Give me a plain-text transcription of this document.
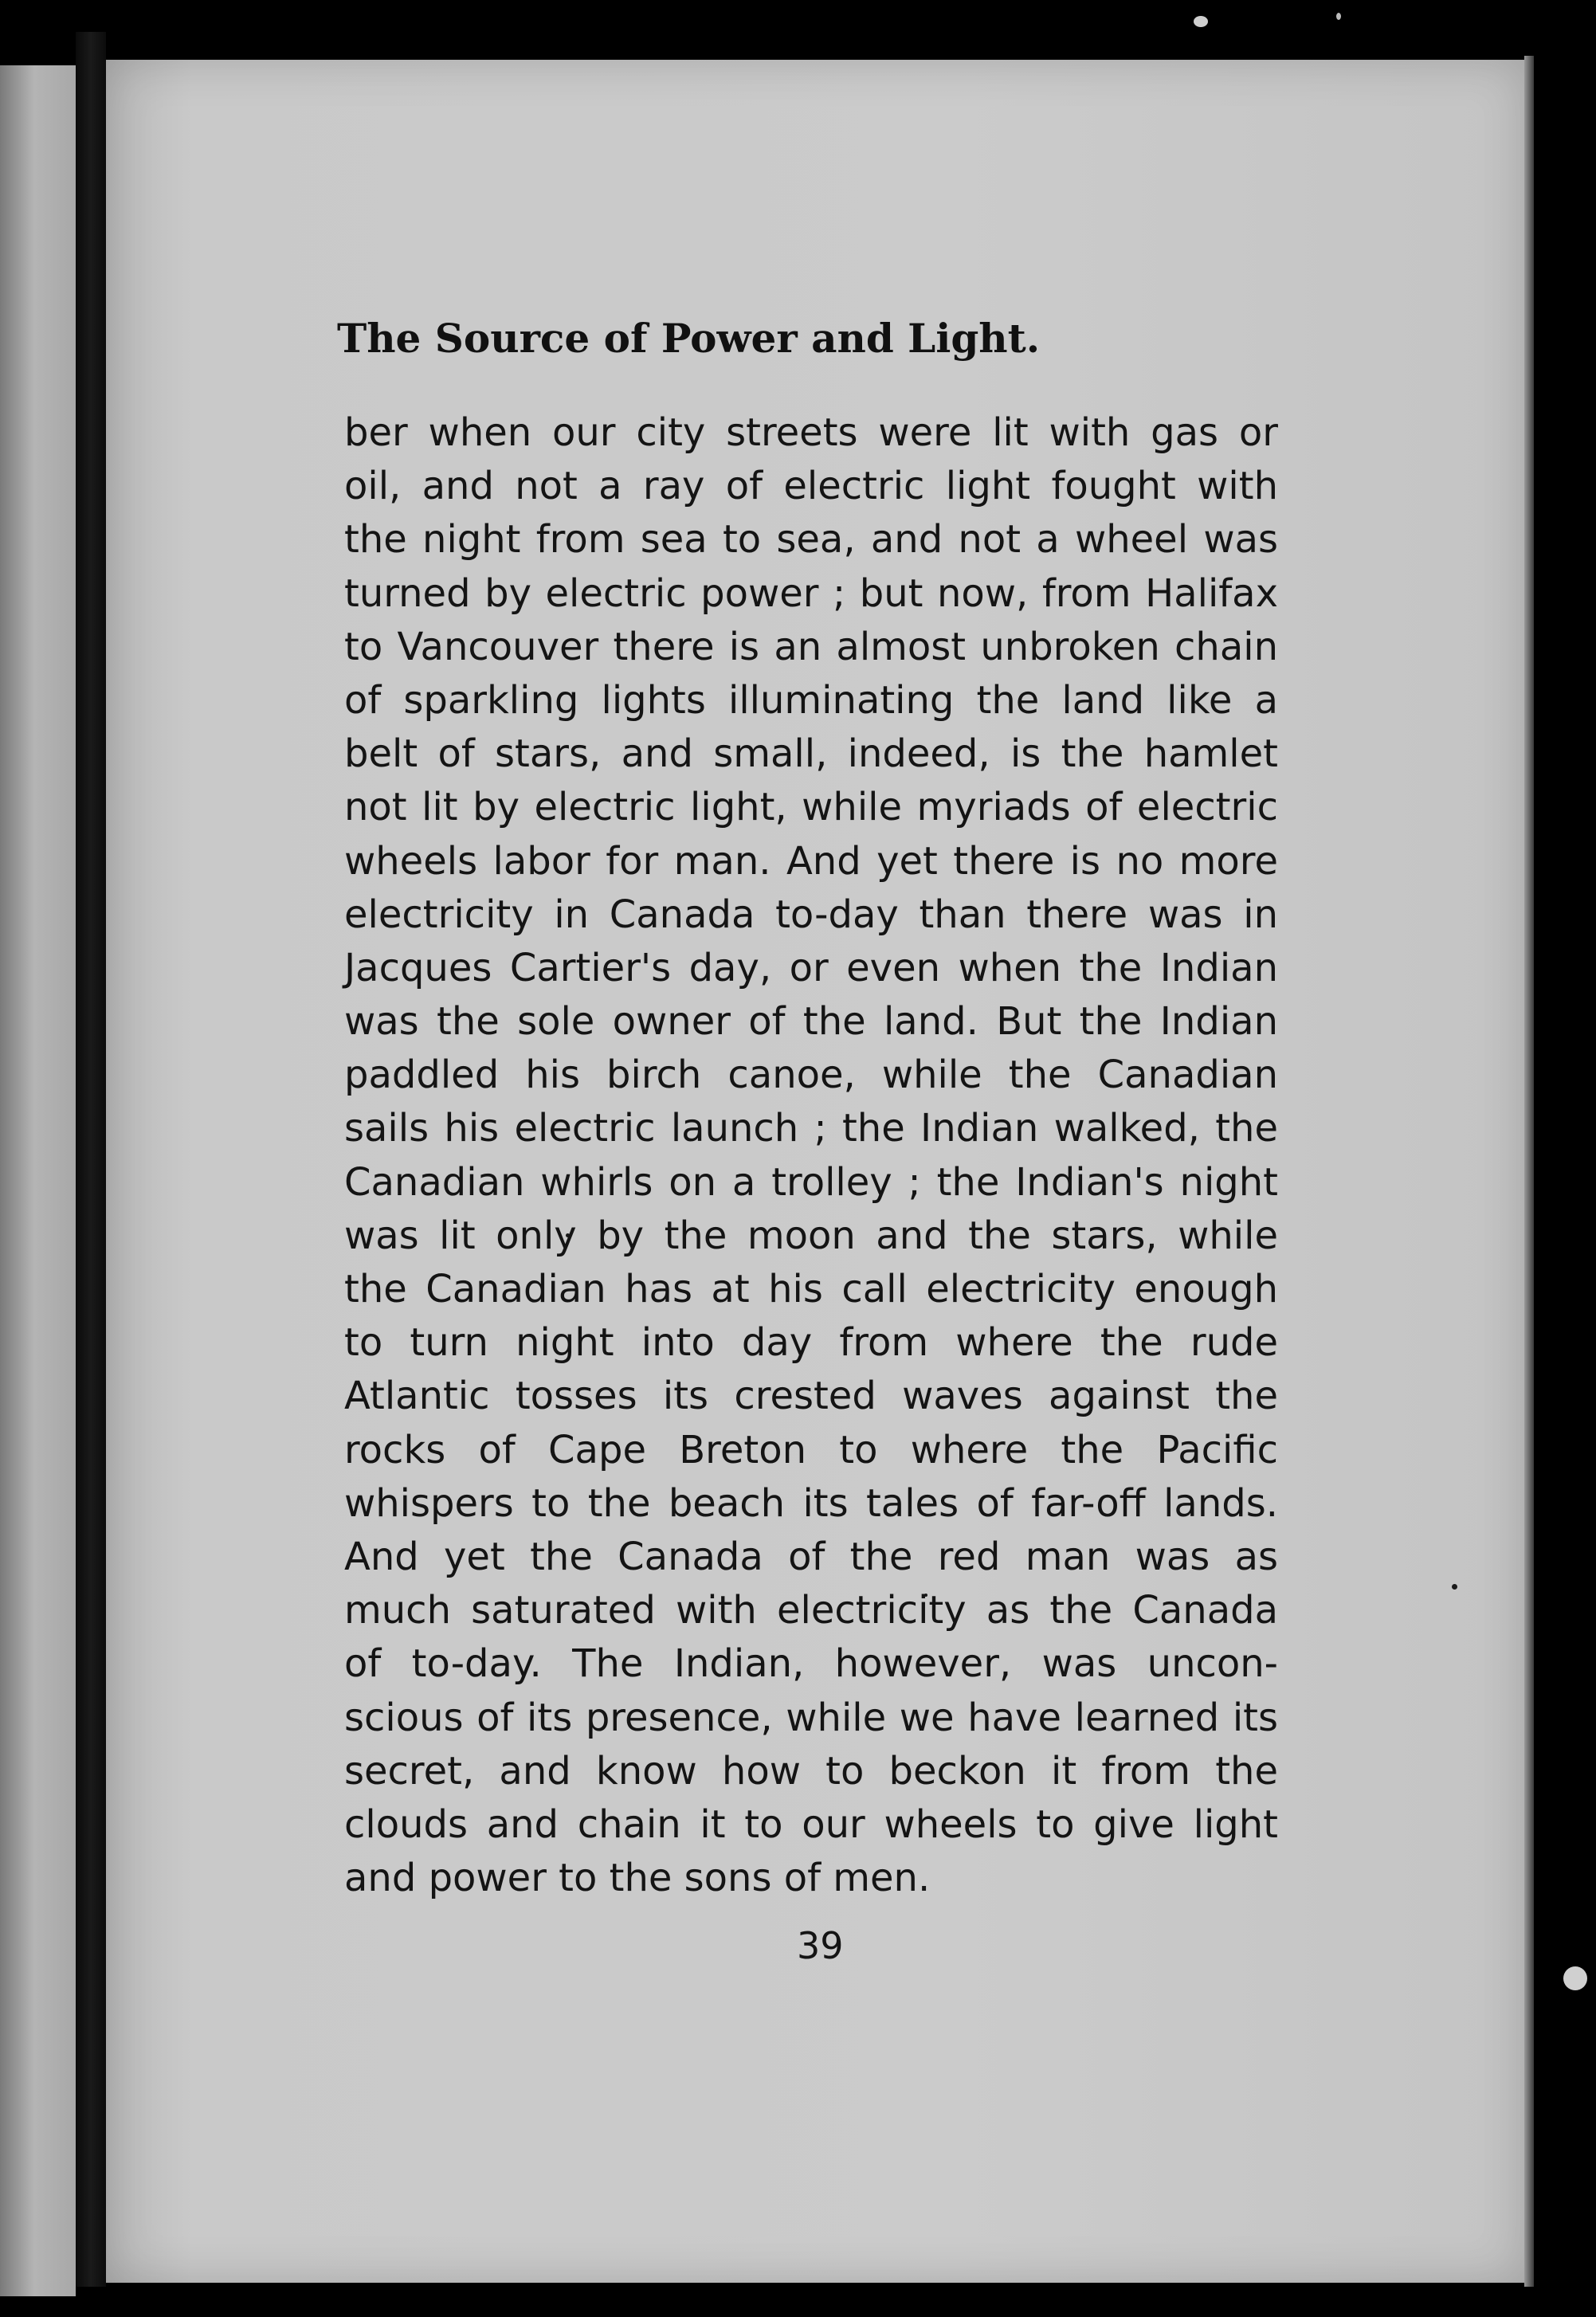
The Source of Power and Light.
ber when our city streets were lit with gas or
oil, and not a ray of electric light fought with
the night from sea to sea, and not a wheel was
turned by electric power ; but now, from Halifax
to Vancouver there is an almost unbroken chain
of sparkling lights illuminating the land like a
belt of stars, and small, indeed, is the hamlet
not lit by electric light, while myriads of electric
wheels labor for man. And yet there is no more
electricity in Canada to-day than there was in
Jacques Cartier's day, or even when the Indian
was the sole owner of the land. But the Indian
paddled his birch canoe, while the Canadian
sails his electric launch ; the Indian walked, the
Canadian whirls on a trolley ; the Indian's night
was lit only by the moon and the stars, while
the Canadian has at his call electricity enough
to turn night into day from where the rude
Atlantic tosses its crested waves against the
rocks of Cape Breton to where the Pacific
whispers to the beach its tales of far-off lands.
And yet the Canada of the red man was as
much saturated with electricity as the Canada
of to-day. The Indian, however, was uncon-
scious of its presence, while we have learned its
secret, and know how to beckon it from the
clouds and chain it to our wheels to give light
and power to the sons of men.
39
